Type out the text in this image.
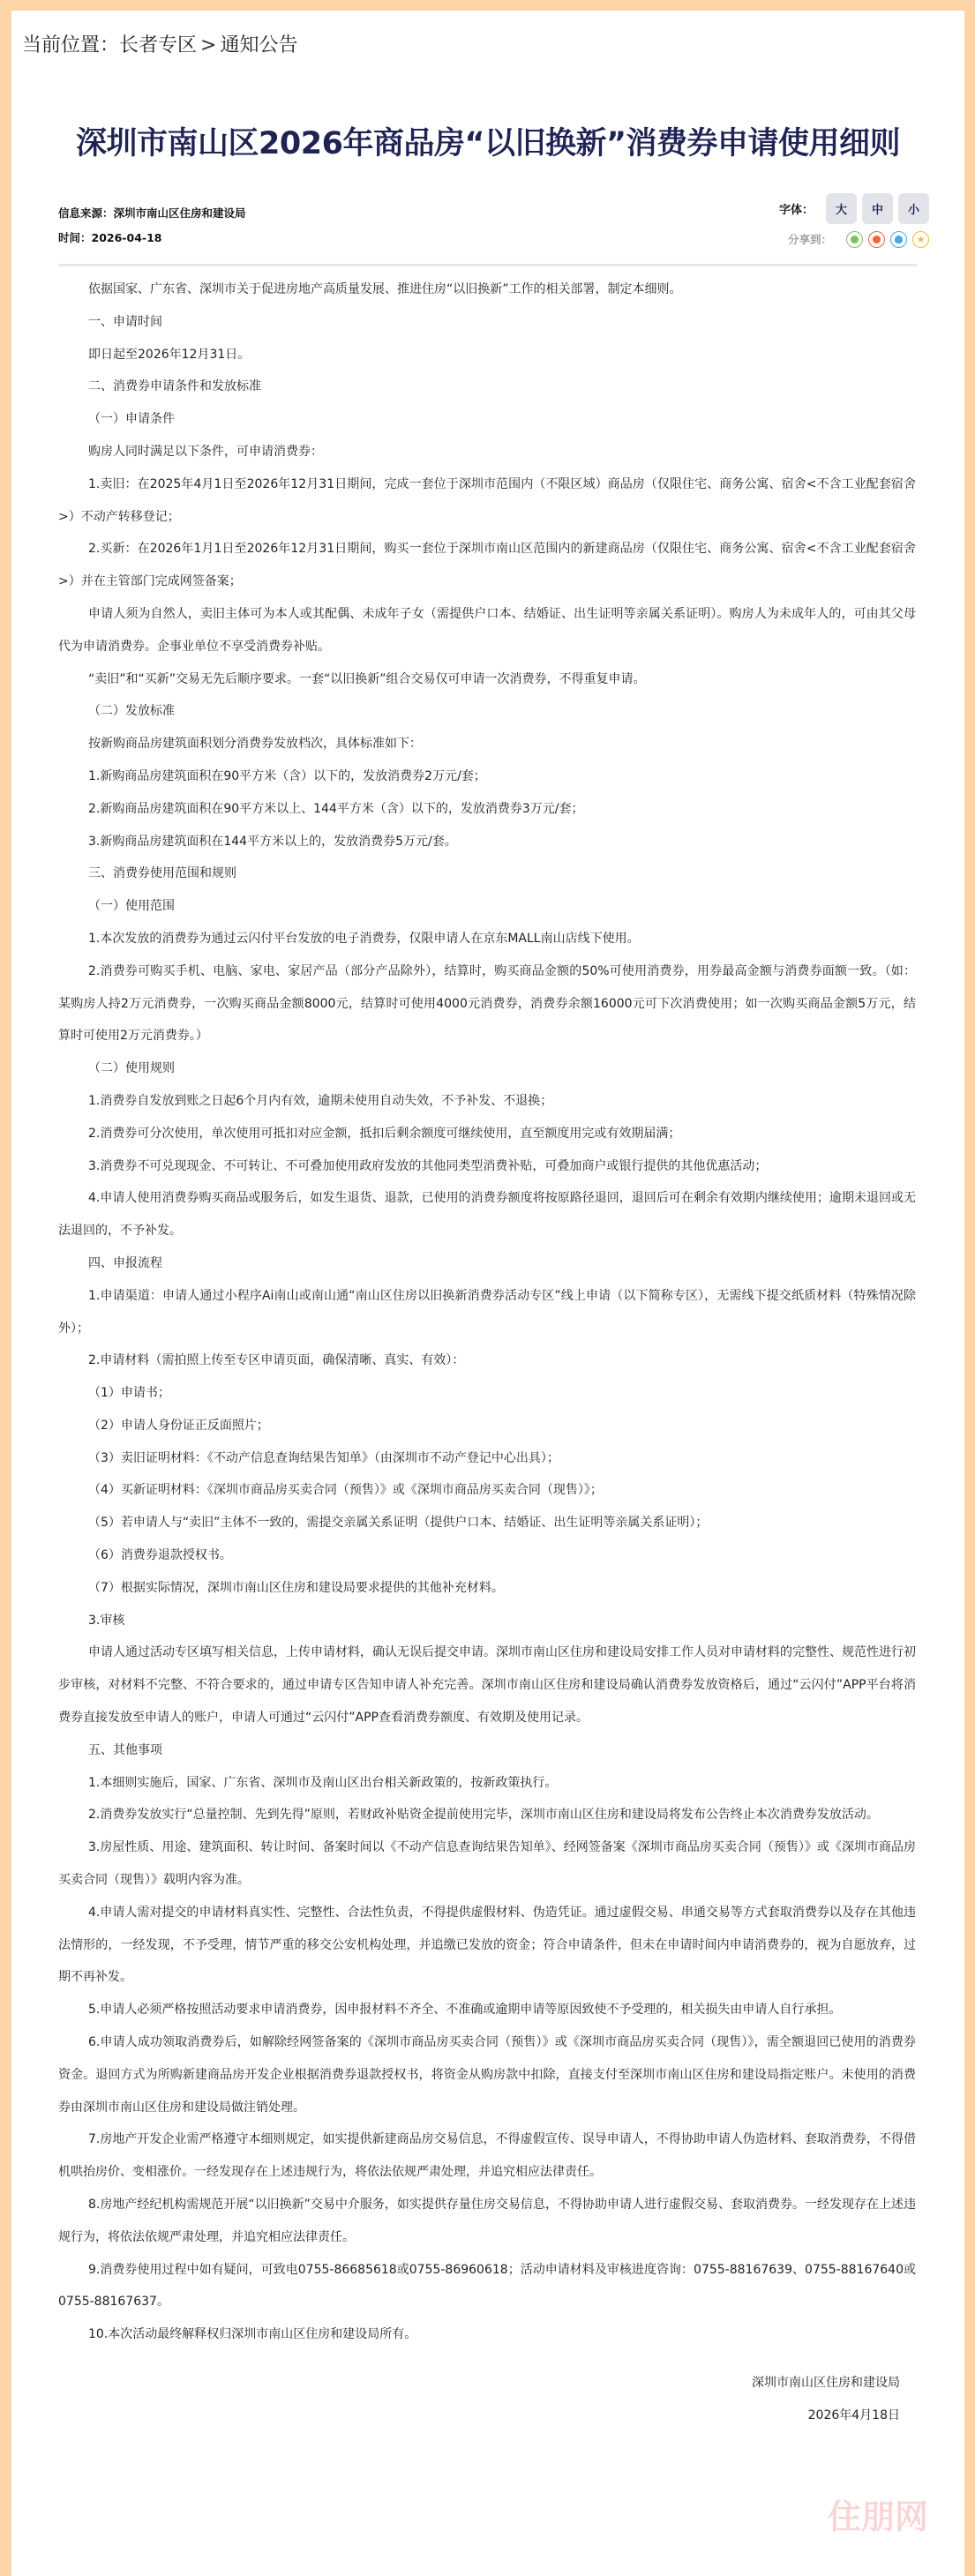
当前位置：长者专区 > 通知公告
深圳市南山区2026年商品房“以旧换新”消费券申请使用细则
信息来源：深圳市南山区住房和建设局
时间：2026-04-18
字体：	大	中	小
分享到：	★

依据国家、广东省、深圳市关于促进房地产高质量发展、推进住房“以旧换新”工作的相关部署，制定本细则。

一、申请时间

即日起至2026年12月31日。

二、消费券申请条件和发放标准

（一）申请条件

购房人同时满足以下条件，可申请消费券：

1.卖旧：在2025年4月1日至2026年12月31日期间，完成一套位于深圳市范围内（不限区域）商品房（仅限住宅、商务公寓、宿舍<不含工业配套宿舍>）不动产转移登记；

2.买新：在2026年1月1日至2026年12月31日期间，购买一套位于深圳市南山区范围内的新建商品房（仅限住宅、商务公寓、宿舍<不含工业配套宿舍>）并在主管部门完成网签备案；

申请人须为自然人，卖旧主体可为本人或其配偶、未成年子女（需提供户口本、结婚证、出生证明等亲属关系证明）。购房人为未成年人的，可由其父母代为申请消费券。企事业单位不享受消费券补贴。

“卖旧”和“买新”交易无先后顺序要求。一套“以旧换新”组合交易仅可申请一次消费券，不得重复申请。

（二）发放标准

按新购商品房建筑面积划分消费券发放档次，具体标准如下：

1.新购商品房建筑面积在90平方米（含）以下的，发放消费券2万元/套；

2.新购商品房建筑面积在90平方米以上、144平方米（含）以下的，发放消费券3万元/套；

3.新购商品房建筑面积在144平方米以上的，发放消费券5万元/套。

三、消费券使用范围和规则

（一）使用范围

1.本次发放的消费券为通过云闪付平台发放的电子消费券，仅限申请人在京东MALL南山店线下使用。

2.消费券可购买手机、电脑、家电、家居产品（部分产品除外），结算时，购买商品金额的50%可使用消费券，用券最高金额与消费券面额一致。（如：某购房人持2万元消费券，一次购买商品金额8000元，结算时可使用4000元消费券，消费券余额16000元可下次消费使用；如一次购买商品金额5万元，结算时可使用2万元消费券。）

（二）使用规则

1.消费券自发放到账之日起6个月内有效，逾期未使用自动失效，不予补发、不退换；

2.消费券可分次使用，单次使用可抵扣对应金额，抵扣后剩余额度可继续使用，直至额度用完或有效期届满；

3.消费券不可兑现现金、不可转让、不可叠加使用政府发放的其他同类型消费补贴，可叠加商户或银行提供的其他优惠活动；

4.申请人使用消费券购买商品或服务后，如发生退货、退款，已使用的消费券额度将按原路径退回，退回后可在剩余有效期内继续使用；逾期未退回或无法退回的，不予补发。

四、申报流程

1.申请渠道：申请人通过小程序Ai南山或南山通“南山区住房以旧换新消费券活动专区”线上申请（以下简称专区），无需线下提交纸质材料（特殊情况除外）；

2.申请材料（需拍照上传至专区申请页面，确保清晰、真实、有效）：

（1）申请书；

（2）申请人身份证正反面照片；

（3）卖旧证明材料：《不动产信息查询结果告知单》（由深圳市不动产登记中心出具）；

（4）买新证明材料：《深圳市商品房买卖合同（预售）》或《深圳市商品房买卖合同（现售）》；

（5）若申请人与“卖旧”主体不一致的，需提交亲属关系证明（提供户口本、结婚证、出生证明等亲属关系证明）；

（6）消费券退款授权书。

（7）根据实际情况，深圳市南山区住房和建设局要求提供的其他补充材料。

3.审核

申请人通过活动专区填写相关信息，上传申请材料，确认无误后提交申请。深圳市南山区住房和建设局安排工作人员对申请材料的完整性、规范性进行初步审核，对材料不完整、不符合要求的，通过申请专区告知申请人补充完善。深圳市南山区住房和建设局确认消费券发放资格后，通过“云闪付”APP平台将消费券直接发放至申请人的账户，申请人可通过“云闪付”APP查看消费券额度、有效期及使用记录。

五、其他事项

1.本细则实施后，国家、广东省、深圳市及南山区出台相关新政策的，按新政策执行。

2.消费券发放实行“总量控制、先到先得”原则，若财政补贴资金提前使用完毕，深圳市南山区住房和建设局将发布公告终止本次消费券发放活动。

3.房屋性质、用途、建筑面积、转让时间、备案时间以《不动产信息查询结果告知单》、经网签备案《深圳市商品房买卖合同（预售）》或《深圳市商品房买卖合同（现售）》载明内容为准。

4.申请人需对提交的申请材料真实性、完整性、合法性负责，不得提供虚假材料、伪造凭证。通过虚假交易、串通交易等方式套取消费券以及存在其他违法情形的，一经发现，不予受理，情节严重的移交公安机构处理，并追缴已发放的资金；符合申请条件，但未在申请时间内申请消费券的，视为自愿放弃，过期不再补发。

5.申请人必须严格按照活动要求申请消费券，因申报材料不齐全、不准确或逾期申请等原因致使不予受理的，相关损失由申请人自行承担。

6.申请人成功领取消费券后，如解除经网签备案的《深圳市商品房买卖合同（预售）》或《深圳市商品房买卖合同（现售）》，需全额退回已使用的消费券资金。退回方式为所购新建商品房开发企业根据消费券退款授权书，将资金从购房款中扣除，直接支付至深圳市南山区住房和建设局指定账户。未使用的消费券由深圳市南山区住房和建设局做注销处理。

7.房地产开发企业需严格遵守本细则规定，如实提供新建商品房交易信息，不得虚假宣传、误导申请人，不得协助申请人伪造材料、套取消费券，不得借机哄抬房价、变相涨价。一经发现存在上述违规行为，将依法依规严肃处理，并追究相应法律责任。

8.房地产经纪机构需规范开展“以旧换新”交易中介服务，如实提供存量住房交易信息，不得协助申请人进行虚假交易、套取消费券。一经发现存在上述违规行为，将依法依规严肃处理，并追究相应法律责任。

9.消费券使用过程中如有疑问，可致电0755-86685618或0755-86960618；活动申请材料及审核进度咨询：0755-88167639、0755-88167640或0755-88167637。

10.本次活动最终解释权归深圳市南山区住房和建设局所有。

深圳市南山区住房和建设局

2026年4月18日

住朋网
